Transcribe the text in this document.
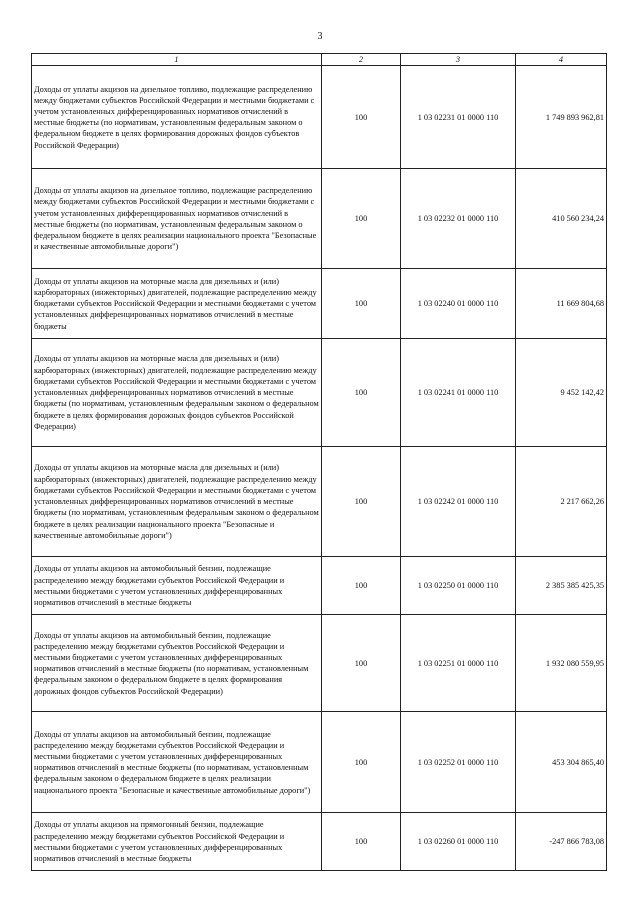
3
1	2	3	4
Доходы от уплаты акцизов на дизельное топливо, подлежащие распределению между бюджетами субъектов Российской Федерации и местными бюджетами с учетом установленных дифференцированных нормативов отчислений в местные бюджеты (по нормативам, установленным федеральным законом о федеральном бюджете в целях формирования дорожных фондов субъектов Российской Федерации)	100	1 03 02231 01 0000 110	1 749 893 962,81
Доходы от уплаты акцизов на дизельное топливо, подлежащие распределению между бюджетами субъектов Российской Федерации и местными бюджетами с учетом установленных дифференцированных нормативов отчислений в местные бюджеты (по нормативам, установленным федеральным законом о федеральном бюджете в целях реализации национального проекта "Безопасные и качественные автомобильные дороги")	100	1 03 02232 01 0000 110	410 560 234,24
Доходы от уплаты акцизов на моторные масла для дизельных и (или) карбюраторных (инжекторных) двигателей, подлежащие распределению между бюджетами субъектов Российской Федерации и местными бюджетами с учетом установленных дифференцированных нормативов отчислений в местные бюджеты	100	1 03 02240 01 0000 110	11 669 804,68
Доходы от уплаты акцизов на моторные масла для дизельных и (или) карбюраторных (инжекторных) двигателей, подлежащие распределению между бюджетами субъектов Российской Федерации и местными бюджетами с учетом установленных дифференцированных нормативов отчислений в местные бюджеты (по нормативам, установленным федеральным законом о федеральном бюджете в целях формирования дорожных фондов субъектов Российской Федерации)	100	1 03 02241 01 0000 110	9 452 142,42
Доходы от уплаты акцизов на моторные масла для дизельных и (или) карбюраторных (инжекторных) двигателей, подлежащие распределению между бюджетами субъектов Российской Федерации и местными бюджетами с учетом установленных дифференцированных нормативов отчислений в местные бюджеты (по нормативам, установленным федеральным законом о федеральном бюджете в целях реализации национального проекта "Безопасные и качественные автомобильные дороги")	100	1 03 02242 01 0000 110	2 217 662,26
Доходы от уплаты акцизов на автомобильный бензин, подлежащие распределению между бюджетами субъектов Российской Федерации и местными бюджетами с учетом установленных дифференцированных нормативов отчислений в местные бюджеты	100	1 03 02250 01 0000 110	2 385 385 425,35
Доходы от уплаты акцизов на автомобильный бензин, подлежащие распределению между бюджетами субъектов Российской Федерации и местными бюджетами с учетом установленных дифференцированных нормативов отчислений в местные бюджеты (по нормативам, установленным федеральным законом о федеральном бюджете в целях формирования дорожных фондов субъектов Российской Федерации)	100	1 03 02251 01 0000 110	1 932 080 559,95
Доходы от уплаты акцизов на автомобильный бензин, подлежащие распределению между бюджетами субъектов Российской Федерации и местными бюджетами с учетом установленных дифференцированных нормативов отчислений в местные бюджеты (по нормативам, установленным федеральным законом о федеральном бюджете в целях реализации национального проекта "Безопасные и качественные автомобильные дороги")	100	1 03 02252 01 0000 110	453 304 865,40
Доходы от уплаты акцизов на прямогонный бензин, подлежащие распределению между бюджетами субъектов Российской Федерации и местными бюджетами с учетом установленных дифференцированных нормативов отчислений в местные бюджеты	100	1 03 02260 01 0000 110	-247 866 783,08
